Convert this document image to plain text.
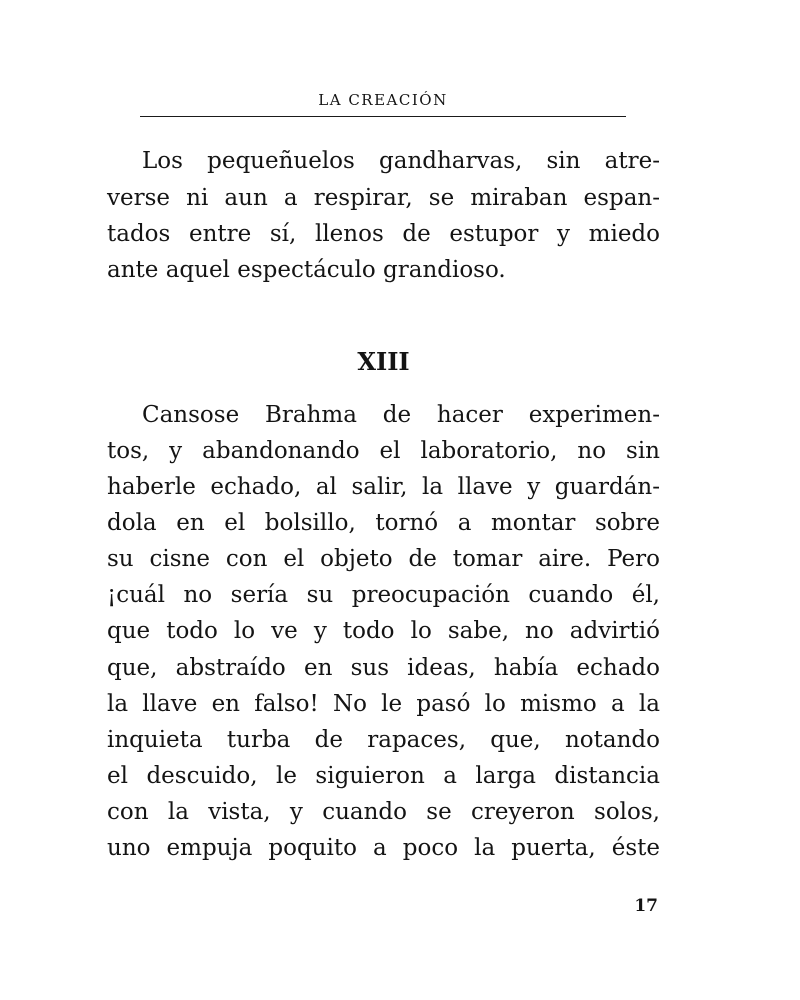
LA CREACIÓN
Los pequeñuelos gandharvas, sin atre-
verse ni aun a respirar, se miraban espan-
tados entre sí, llenos de estupor y miedo
ante aquel espectáculo grandioso.
XIII
Cansose Brahma de hacer experimen-
tos, y abandonando el laboratorio, no sin
haberle echado, al salir, la llave y guardán-
dola en el bolsillo, tornó a montar sobre
su cisne con el objeto de tomar aire. Pero
¡cuál no sería su preocupación cuando él,
que todo lo ve y todo lo sabe, no advirtió
que, abstraído en sus ideas, había echado
la llave en falso! No le pasó lo mismo a la
inquieta turba de rapaces, que, notando
el descuido, le siguieron a larga distancia
con la vista, y cuando se creyeron solos,
uno empuja poquito a poco la puerta, éste
17
